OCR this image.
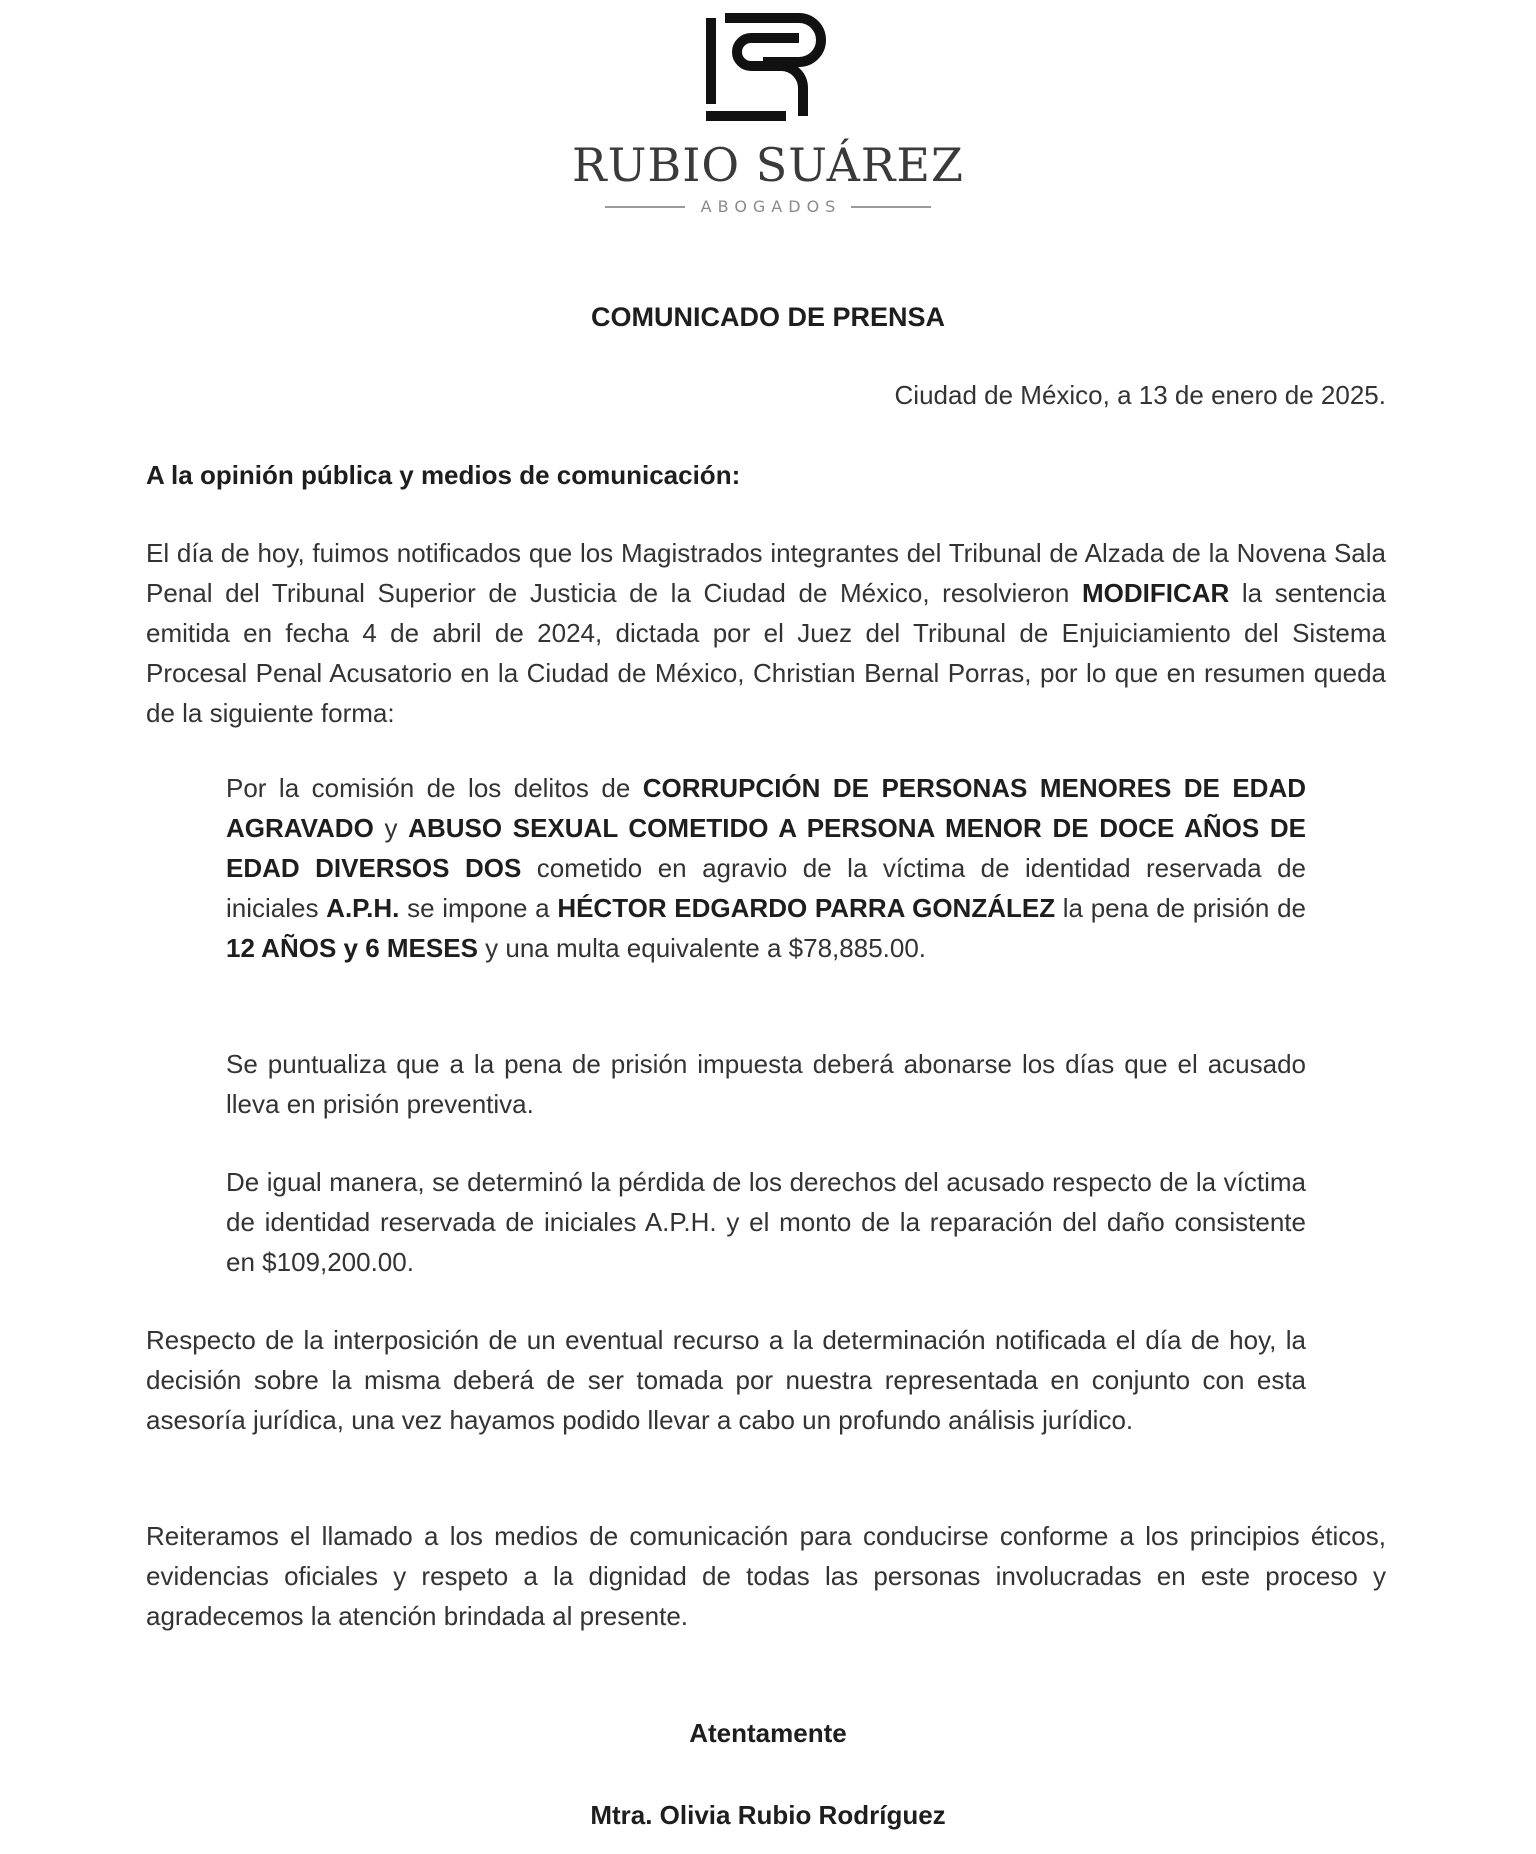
RUBIO SUÁREZ
ABOGADOS
COMUNICADO DE PRENSA
Ciudad de México, a 13 de enero de 2025.
A la opinión pública y medios de comunicación:
El día de hoy, fuimos notificados que los Magistrados integrantes del Tribunal de Alzada de la Novena Sala Penal del Tribunal Superior de Justicia de la Ciudad de México, resolvieron MODIFICAR la sentencia emitida en fecha 4 de abril de 2024, dictada por el Juez del Tribunal de Enjuiciamiento del Sistema Procesal Penal Acusatorio en la Ciudad de México, Christian Bernal Porras, por lo que en resumen queda de la siguiente forma:
Por la comisión de los delitos de CORRUPCIÓN DE PERSONAS MENORES DE EDAD AGRAVADO y ABUSO SEXUAL COMETIDO A PERSONA MENOR DE DOCE AÑOS DE EDAD DIVERSOS DOS cometido en agravio de la víctima de identidad reservada de iniciales A.P.H. se impone a HÉCTOR EDGARDO PARRA GONZÁLEZ la pena de prisión de 12 AÑOS y 6 MESES y una multa equivalente a $78,885.00.
Se puntualiza que a la pena de prisión impuesta deberá abonarse los días que el acusado lleva en prisión preventiva.
De igual manera, se determinó la pérdida de los derechos del acusado respecto de la víctima de identidad reservada de iniciales A.P.H. y el monto de la reparación del daño consistente en $109,200.00.
Respecto de la interposición de un eventual recurso a la determinación notificada el día de hoy, la decisión sobre la misma deberá de ser tomada por nuestra representada en conjunto con esta asesoría jurídica, una vez hayamos podido llevar a cabo un profundo análisis jurídico.
Reiteramos el llamado a los medios de comunicación para conducirse conforme a los principios éticos, evidencias oficiales y respeto a la dignidad de todas las personas involucradas en este proceso y agradecemos la atención brindada al presente.
Atentamente
Mtra. Olivia Rubio Rodríguez
